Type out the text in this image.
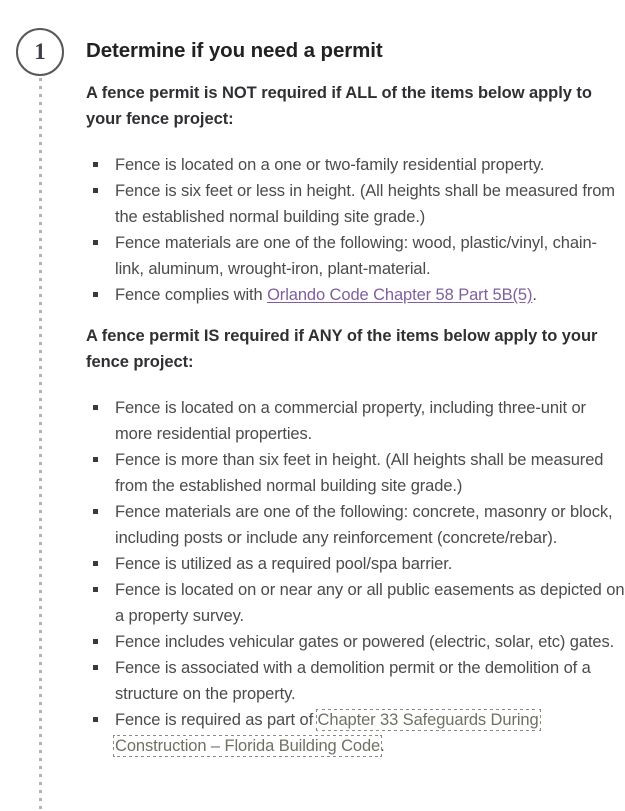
1	Determine if you need a permit

A fence permit is NOT required if ALL of the items below apply to your fence project:

Fence is located on a one or two-family residential property.
Fence is six feet or less in height. (All heights shall be measured from the established normal building site grade.)
Fence materials are one of the following: wood, plastic/vinyl, chain-link, aluminum, wrought-iron, plant-material.
Fence complies with Orlando Code Chapter 58 Part 5B(5).

A fence permit IS required if ANY of the items below apply to your fence project:

Fence is located on a commercial property, including three-unit or more residential properties.
Fence is more than six feet in height. (All heights shall be measured from the established normal building site grade.)
Fence materials are one of the following: concrete, masonry or block, including posts or include any reinforcement (concrete/rebar).
Fence is utilized as a required pool/spa barrier.
Fence is located on or near any or all public easements as depicted on a property survey.
Fence includes vehicular gates or powered (electric, solar, etc) gates.
Fence is associated with a demolition permit or the demolition of a structure on the property.
Fence is required as part of Chapter 33 Safeguards During Construction – Florida Building Code.
